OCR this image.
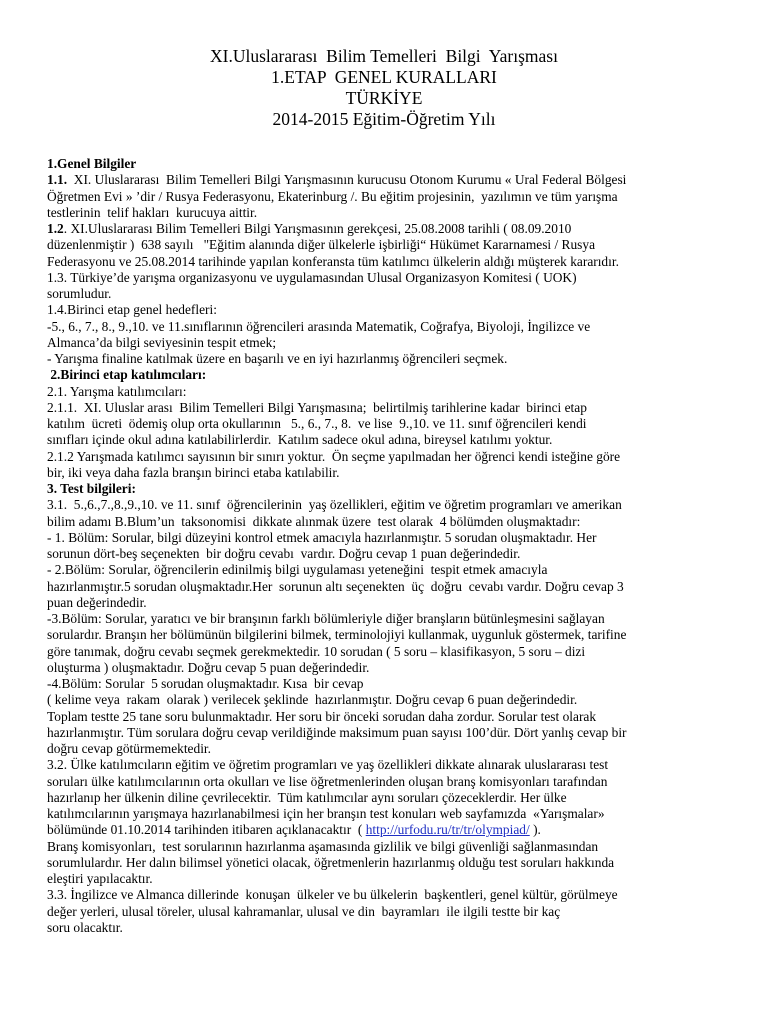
XI.Uluslararası  Bilim Temelleri  Bilgi  Yarışması
1.ETAP  GENEL KURALLARI
TÜRKİYE
2014-2015 Eğitim-Öğretim Yılı
1.Genel Bilgiler
1.1.  XI. Uluslararası  Bilim Temelleri Bilgi Yarışmasının kurucusu Otonom Kurumu « Ural Federal Bölgesi
Öğretmen Evi » ’dir / Rusya Federasyonu, Ekaterinburg /. Bu eğitim projesinin,  yazılımın ve tüm yarışma
testlerinin  telif hakları  kurucuya aittir.
1.2. XI.Uluslararası Bilim Temelleri Bilgi Yarışmasının gerekçesi, 25.08.2008 tarihli ( 08.09.2010
düzenlenmiştir )  638 sayılı   "Eğitim alanında diğer ülkelerle işbirliği“ Hükümet Kararnamesi / Rusya
Federasyonu ve 25.08.2014 tarihinde yapılan konferansta tüm katılımcı ülkelerin aldığı müşterek kararıdır.
1.3. Türkiye’de yarışma organizasyonu ve uygulamasından Ulusal Organizasyon Komitesi ( UOK)
sorumludur.
1.4.Birinci etap genel hedefleri:
-5., 6., 7., 8., 9.,10. ve 11.sınıflarının öğrencileri arasında Matematik, Coğrafya, Biyoloji, İngilizce ve
Almanca’da bilgi seviyesinin tespit etmek;
- Yarışma finaline katılmak üzere en başarılı ve en iyi hazırlanmış öğrencileri seçmek.
2.Birinci etap katılımcıları:
2.1. Yarışma katılımcıları:
2.1.1.  XI. Uluslar arası  Bilim Temelleri Bilgi Yarışmasına;  belirtilmiş tarihlerine kadar  birinci etap
katılım  ücreti  ödemiş olup orta okullarının   5., 6., 7., 8.  ve lise  9.,10. ve 11. sınıf öğrencileri kendi
sınıfları içinde okul adına katılabilirlerdir.  Katılım sadece okul adına, bireysel katılımı yoktur.
2.1.2 Yarışmada katılımcı sayısının bir sınırı yoktur.  Ön seçme yapılmadan her öğrenci kendi isteğine göre
bir, iki veya daha fazla branşın birinci etaba katılabilir.
3. Test bilgileri:
3.1.  5.,6.,7.,8.,9.,10. ve 11. sınıf  öğrencilerinin  yaş özellikleri, eğitim ve öğretim programları ve amerikan
bilim adamı B.Blum’un  taksonomisi  dikkate alınmak üzere  test olarak  4 bölümden oluşmaktadır:
- 1. Bölüm: Sorular, bilgi düzeyini kontrol etmek amacıyla hazırlanmıştır. 5 sorudan oluşmaktadır. Her
sorunun dört-beş seçenekten  bir doğru cevabı  vardır. Doğru cevap 1 puan değerindedir.
- 2.Bölüm: Sorular, öğrencilerin edinilmiş bilgi uygulaması yeteneğini  tespit etmek amacıyla
hazırlanmıştır.5 sorudan oluşmaktadır.Her  sorunun altı seçenekten  üç  doğru  cevabı vardır. Doğru cevap 3
puan değerindedir.
-3.Bölüm: Sorular, yaratıcı ve bir branşının farklı bölümleriyle diğer branşların bütünleşmesini sağlayan
sorulardır. Branşın her bölümünün bilgilerini bilmek, terminolojiyi kullanmak, uygunluk göstermek, tarifine
göre tanımak, doğru cevabı seçmek gerekmektedir. 10 sorudan ( 5 soru – klasifikasyon, 5 soru – dizi
oluşturma ) oluşmaktadır. Doğru cevap 5 puan değerindedir.
-4.Bölüm: Sorular  5 sorudan oluşmaktadır. Kısa  bir cevap
( kelime veya  rakam  olarak ) verilecek şeklinde  hazırlanmıştır. Doğru cevap 6 puan değerindedir.
Toplam testte 25 tane soru bulunmaktadır. Her soru bir önceki sorudan daha zordur. Sorular test olarak
hazırlanmıştır. Tüm sorulara doğru cevap verildiğinde maksimum puan sayısı 100’dür. Dört yanlış cevap bir
doğru cevap götürmemektedir.
3.2. Ülke katılımcıların eğitim ve öğretim programları ve yaş özellikleri dikkate alınarak uluslararası test
soruları ülke katılımcılarının orta okulları ve lise öğretmenlerinden oluşan branş komisyonları tarafından
hazırlanıp her ülkenin diline çevrilecektir.  Tüm katılımcılar aynı soruları çözeceklerdir. Her ülke
katılımcılarının yarışmaya hazırlanabilmesi için her branşın test konuları web sayfamızda  «Yarışmalar»
bölümünde 01.10.2014 tarihinden itibaren açıklanacaktır  ( http://urfodu.ru/tr/tr/olympiad/ ).
Branş komisyonları,  test sorularının hazırlanma aşamasında gizlilik ve bilgi güvenliği sağlanmasından
sorumlulardır. Her dalın bilimsel yönetici olacak, öğretmenlerin hazırlanmış olduğu test soruları hakkında
eleştiri yapılacaktır.
3.3. İngilizce ve Almanca dillerinde  konuşan  ülkeler ve bu ülkelerin  başkentleri, genel kültür, görülmeye
değer yerleri, ulusal töreler, ulusal kahramanlar, ulusal ve din  bayramları  ile ilgili testte bir kaç
soru olacaktır.
